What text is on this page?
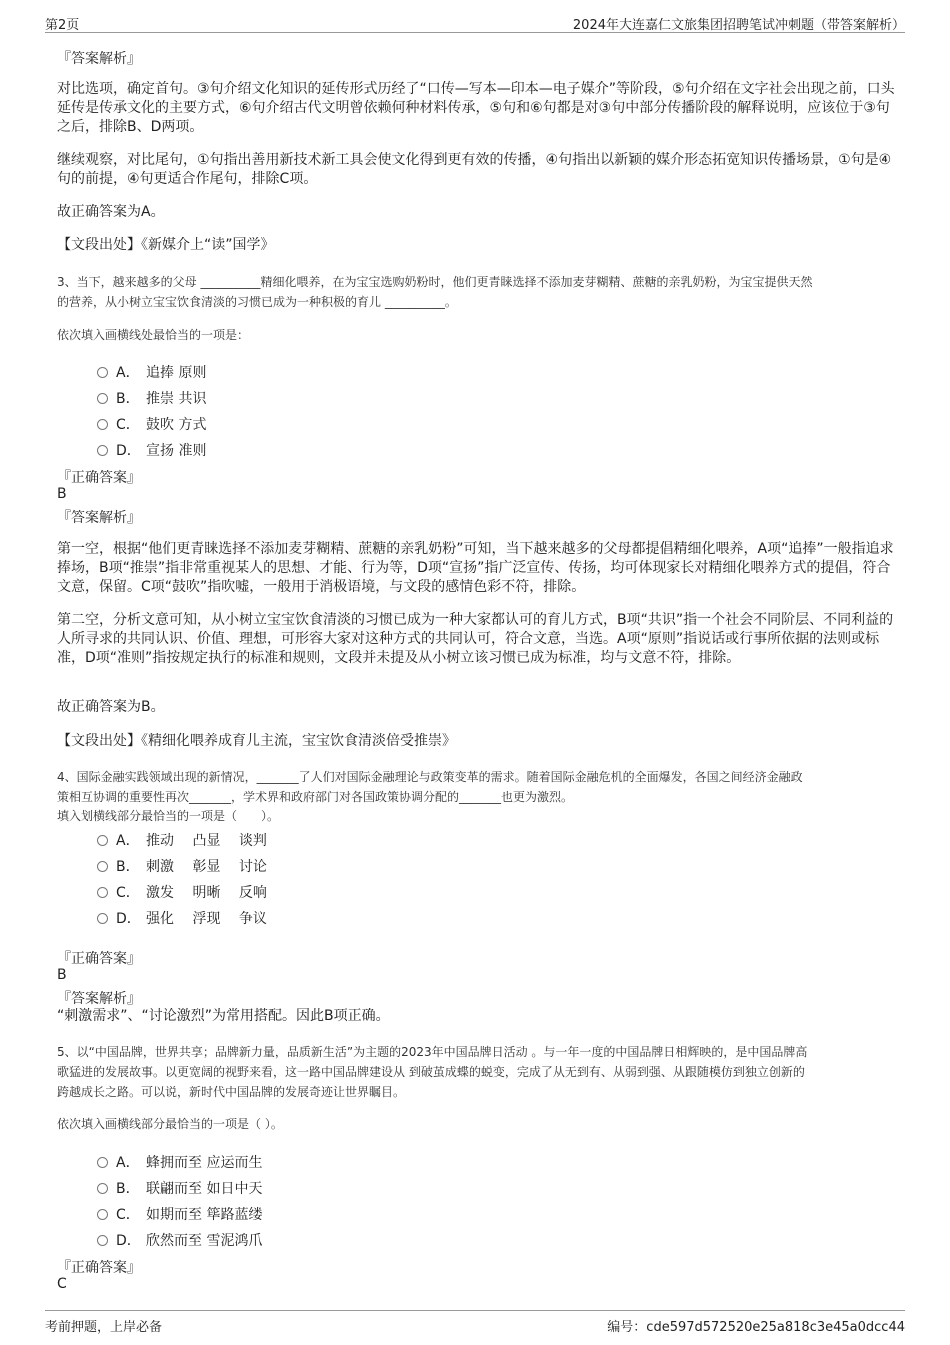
第2页	2024年大连嘉仁文旅集团招聘笔试冲刺题（带答案解析）
『答案解析』
对比选项，确定首句。③句介绍文化知识的延传形式历经了“口传—写本—印本—电子媒介”等阶段，⑤句介绍在文字社会出现之前，口头延传是传承文化的主要方式，⑥句介绍古代文明曾依赖何种材料传承，⑤句和⑥句都是对③句中部分传播阶段的解释说明，应该位于③句之后，排除B、D两项。
继续观察，对比尾句，①句指出善用新技术新工具会使文化得到更有效的传播，④句指出以新颖的媒介形态拓宽知识传播场景，①句是④句的前提，④句更适合作尾句，排除C项。
故正确答案为A。
【文段出处】《新媒介上“读”国学》
3、当下，越来越多的父母 __________精细化喂养，在为宝宝选购奶粉时，他们更青睐选择不添加麦芽糊精、蔗糖的亲乳奶粉，为宝宝提供天然
的营养，从小树立宝宝饮食清淡的习惯已成为一种积极的育儿 __________。
依次填入画横线处最恰当的一项是：
A． 追捧 原则
B． 推崇 共识
C． 鼓吹 方式
D． 宣扬 准则
『正确答案』
B
『答案解析』
第一空，根据“他们更青睐选择不添加麦芽糊精、蔗糖的亲乳奶粉”可知，当下越来越多的父母都提倡精细化喂养，A项“追捧”一般指追求捧场，B项“推崇”指非常重视某人的思想、才能、行为等，D项“宣扬”指广泛宣传、传扬，均可体现家长对精细化喂养方式的提倡，符合文意，保留。C项“鼓吹”指吹嘘，一般用于消极语境，与文段的感情色彩不符，排除。
第二空，分析文意可知，从小树立宝宝饮食清淡的习惯已成为一种大家都认可的育儿方式，B项“共识”指一个社会不同阶层、不同利益的人所寻求的共同认识、价值、理想，可形容大家对这种方式的共同认可，符合文意，当选。A项“原则”指说话或行事所依据的法则或标准，D项“准则”指按规定执行的标准和规则，文段并未提及从小树立该习惯已成为标准，均与文意不符，排除。
故正确答案为B。
【文段出处】《精细化喂养成育儿主流，宝宝饮食清淡倍受推崇》
4、国际金融实践领域出现的新情况，_______了人们对国际金融理论与政策变革的需求。随着国际金融危机的全面爆发，各国之间经济金融政
策相互协调的重要性再次_______，学术界和政府部门对各国政策协调分配的_______也更为激烈。
填入划横线部分最恰当的一项是（　　）。
A． 推动　 凸显　 谈判
B． 刺激　 彰显　 讨论
C． 激发　 明晰　 反响
D． 强化　 浮现　 争议
『正确答案』
B
『答案解析』
“刺激需求”、“讨论激烈”为常用搭配。因此B项正确。
5、以“中国品牌，世界共享；品牌新力量，品质新生活”为主题的2023年中国品牌日活动 。与一年一度的中国品牌日相辉映的，是中国品牌高
歌猛进的发展故事。以更宽阔的视野来看，这一路中国品牌建设从 到破茧成蝶的蜕变，完成了从无到有、从弱到强、从跟随模仿到独立创新的
跨越成长之路。可以说，新时代中国品牌的发展奇迹让世界瞩目。
依次填入画横线部分最恰当的一项是（ ）。
A． 蜂拥而至 应运而生
B． 联翩而至 如日中天
C． 如期而至 筚路蓝缕
D． 欣然而至 雪泥鸿爪
『正确答案』
C
考前押题，上岸必备	编号：cde597d572520e25a818c3e45a0dcc44
